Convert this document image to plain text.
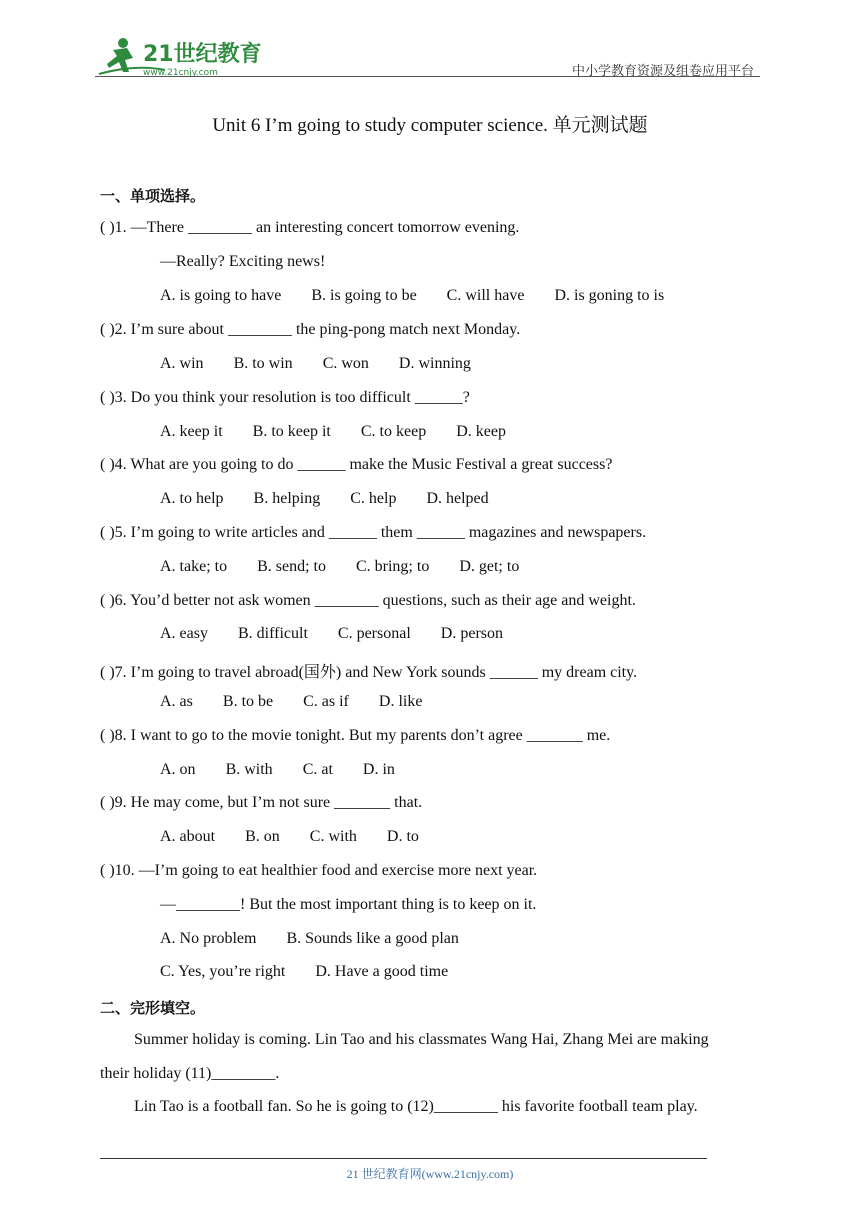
21世纪教育
www.21cnjy.com	中小学教育资源及组卷应用平台
Unit 6 I’m going to study computer science. 单元测试题
一、单项选择。
( )1. —There ________ an interesting concert tomorrow evening.
—Really? Exciting news!
A. is going to have B. is going to be C. will have D. is goning to is
( )2. I’m sure about ________ the ping-pong match next Monday.
A. win B. to win C. won D. winning
( )3. Do you think your resolution is too difficult ______?
A. keep it B. to keep it C. to keep D. keep
( )4. What are you going to do ______ make the Music Festival a great success?
A. to help B. helping C. help D. helped
( )5. I’m going to write articles and ______ them ______ magazines and newspapers.
A. take; to B. send; to C. bring; to D. get; to
( )6. You’d better not ask women ________ questions, such as their age and weight.
A. easy B. difficult C. personal D. person
( )7. I’m going to travel abroad(国外) and New York sounds ______ my dream city.
A. as B. to be C. as if D. like
( )8. I want to go to the movie tonight. But my parents don’t agree _______ me.
A. on B. with C. at D. in
( )9. He may come, but I’m not sure _______ that.
A. about B. on C. with D. to
( )10. —I’m going to eat healthier food and exercise more next year.
—________! But the most important thing is to keep on it.
A. No problem B. Sounds like a good plan
C. Yes, you’re right D. Have a good time
二、完形填空。
Summer holiday is coming. Lin Tao and his classmates Wang Hai, Zhang Mei are making
their holiday (11)________.
Lin Tao is a football fan. So he is going to (12)________ his favorite football team play.
21 世纪教育网(www.21cnjy.com)
